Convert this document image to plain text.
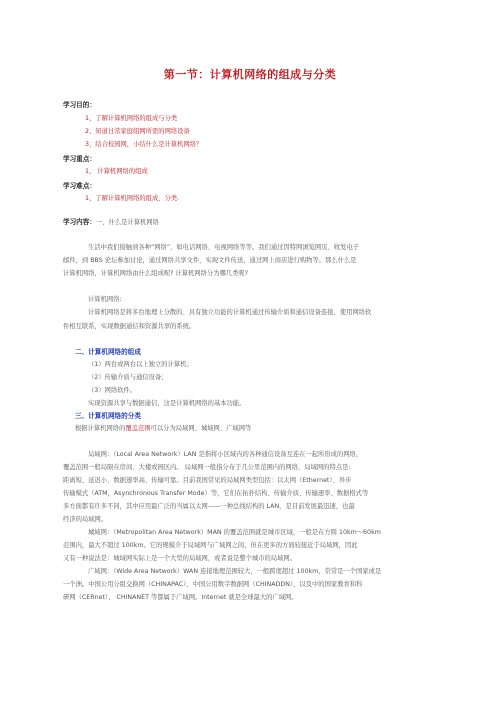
第一节：计算机网络的组成与分类
学习目的：
1、了解计算机网络的组成与分类
2、知道日常家庭组网所需的网络设备
3、结合校园网，小结什么是计算机网络？
学习重点：
1、 计算机网络的组成
学习难点：
1、了解计算机网络的组成、分类.
学习内容：一、什么是计算机网络
生活中我们接触到各种“网络”，如电话网络、电视网络等等。我们通过因特网浏览网页、收发电子
邮件，到 BBS 论坛参加讨论，通过网络共享文件，实现文件传送，通过网上商店进行购物等。那么什么是
计算机网络，计算机网络由什么组成呢? 计算机网络分为哪几类呢?
计算机网络:
计算机网络是将多台地理上分散的、具有独立功能的计算机通过传输介质和通信设备连接，使用网络软
件相互联系，实现数据通信和资源共享的系统。
二、计算机网络的组成
（1）两台或两台以上独立的计算机；
（2）传输介质与通信设备；
（3）网络软件。
实现资源共享与数据通信，这是计算机网络的基本功能。
三、计算机网络的分类
根据计算机网络的覆盖范围可以分为局域网、城域网、广域网等
局域网：（Local Area Network）LAN 是指将小区域内的各种通信设备互连在一起所形成的网络，
覆盖范围一般局限在房间、大楼或园区内。 局域网一般指分布于几公里范围内的网络，局域网的特点是:
距离短、延迟小、数据速率高、传输可靠。目前我国常见的局域网类型包括：以太网（Ethernet）、异步
传输模式（ATM，Asynchronous Transfer Mode）等，它们在拓扑结构、传输介质、传输速率、数据格式等
多方面都有许多不同，其中应用最广泛的当属以太网——一种总线结构的 LAN，是目前发展最迅速，也最
经济的局域网。
城域网：（Metropolitan Area Network）MAN 的覆盖范围就是城市区域，一般是在方圆 10km～60km
范围内，最大不超过 100km。它的规模介于局域网与广域网之间，但在更多的方面较接近于局域网，因此
又有一种说法是：城域网实际上是一个大型的局域网，或者说是整个城市的局域网。
广域网：（Wide Area Network）WAN 连接地理范围较大，一般跨度超过 100km，常常是一个国家或是
一个洲。中国公用分组交换网（CHINAPAC）、中国公用数字数据网（CHINADDN），以及中的国家教育和科
研网（CERnet）、 CHINANET 等都属于广域网。Internet 就是全球最大的广域网。
